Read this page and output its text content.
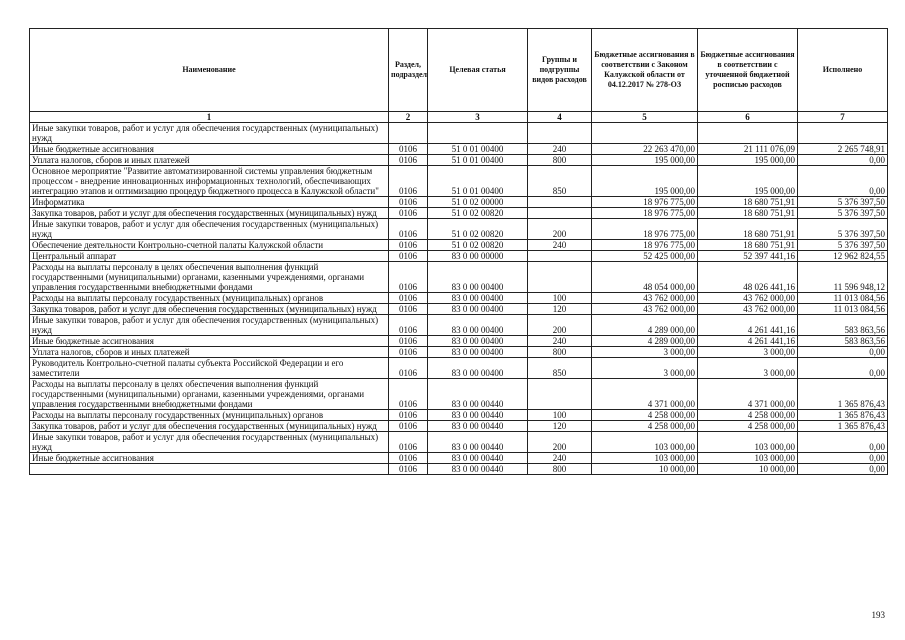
Наименование	Раздел, подраздел	Целевая статья	Группы и подгруппы видов расходов	Бюджетные ассигнования в соответствии с Законом Калужской области от 04.12.2017 № 278-ОЗ	Бюджетные ассигнования в соответствии с уточненной бюджетной росписью расходов	Исполнено
1	2	3	4	5	6	7
Иные закупки товаров, работ и услуг для обеспечения государственных (муниципальных) нужд						
Иные бюджетные ассигнования	0106	51 0 01 00400	240	22 263 470,00	21 111 076,09	2 265 748,91
Уплата налогов, сборов и иных платежей	0106	51 0 01 00400	800	195 000,00	195 000,00	0,00
Основное мероприятие "Развитие автоматизированной системы управления бюджетным процессом - внедрение инновационных информационных технологий, обеспечивающих интеграцию этапов и оптимизацию процедур бюджетного процесса в Калужской области"	0106	51 0 01 00400	850	195 000,00	195 000,00	0,00
Информатика	0106	51 0 02 00000		18 976 775,00	18 680 751,91	5 376 397,50
Закупка товаров, работ и услуг для обеспечения государственных (муниципальных) нужд	0106	51 0 02 00820		18 976 775,00	18 680 751,91	5 376 397,50
Иные закупки товаров, работ и услуг для обеспечения государственных (муниципальных) нужд	0106	51 0 02 00820	200	18 976 775,00	18 680 751,91	5 376 397,50
Обеспечение деятельности Контрольно-счетной палаты Калужской области	0106	51 0 02 00820	240	18 976 775,00	18 680 751,91	5 376 397,50
Центральный аппарат	0106	83 0 00 00000		52 425 000,00	52 397 441,16	12 962 824,55
Расходы на выплаты персоналу в целях обеспечения выполнения функций государственными (муниципальными) органами, казенными учреждениями, органами управления государственными внебюджетными фондами	0106	83 0 00 00400		48 054 000,00	48 026 441,16	11 596 948,12
Расходы на выплаты персоналу государственных (муниципальных) органов	0106	83 0 00 00400	100	43 762 000,00	43 762 000,00	11 013 084,56
Закупка товаров, работ и услуг для обеспечения государственных (муниципальных) нужд	0106	83 0 00 00400	120	43 762 000,00	43 762 000,00	11 013 084,56
Иные закупки товаров, работ и услуг для обеспечения государственных (муниципальных) нужд	0106	83 0 00 00400	200	4 289 000,00	4 261 441,16	583 863,56
Иные бюджетные ассигнования	0106	83 0 00 00400	240	4 289 000,00	4 261 441,16	583 863,56
Уплата налогов, сборов и иных платежей	0106	83 0 00 00400	800	3 000,00	3 000,00	0,00
Руководитель Контрольно-счетной палаты субъекта Российской Федерации и его заместители	0106	83 0 00 00400	850	3 000,00	3 000,00	0,00
Расходы на выплаты персоналу в целях обеспечения выполнения функций государственными (муниципальными) органами, казенными учреждениями, органами управления государственными внебюджетными фондами	0106	83 0 00 00440		4 371 000,00	4 371 000,00	1 365 876,43
Расходы на выплаты персоналу государственных (муниципальных) органов	0106	83 0 00 00440	100	4 258 000,00	4 258 000,00	1 365 876,43
Закупка товаров, работ и услуг для обеспечения государственных (муниципальных) нужд	0106	83 0 00 00440	120	4 258 000,00	4 258 000,00	1 365 876,43
Иные закупки товаров, работ и услуг для обеспечения государственных (муниципальных) нужд	0106	83 0 00 00440	200	103 000,00	103 000,00	0,00
Иные бюджетные ассигнования	0106	83 0 00 00440	240	103 000,00	103 000,00	0,00
	0106	83 0 00 00440	800	10 000,00	10 000,00	0,00
193
